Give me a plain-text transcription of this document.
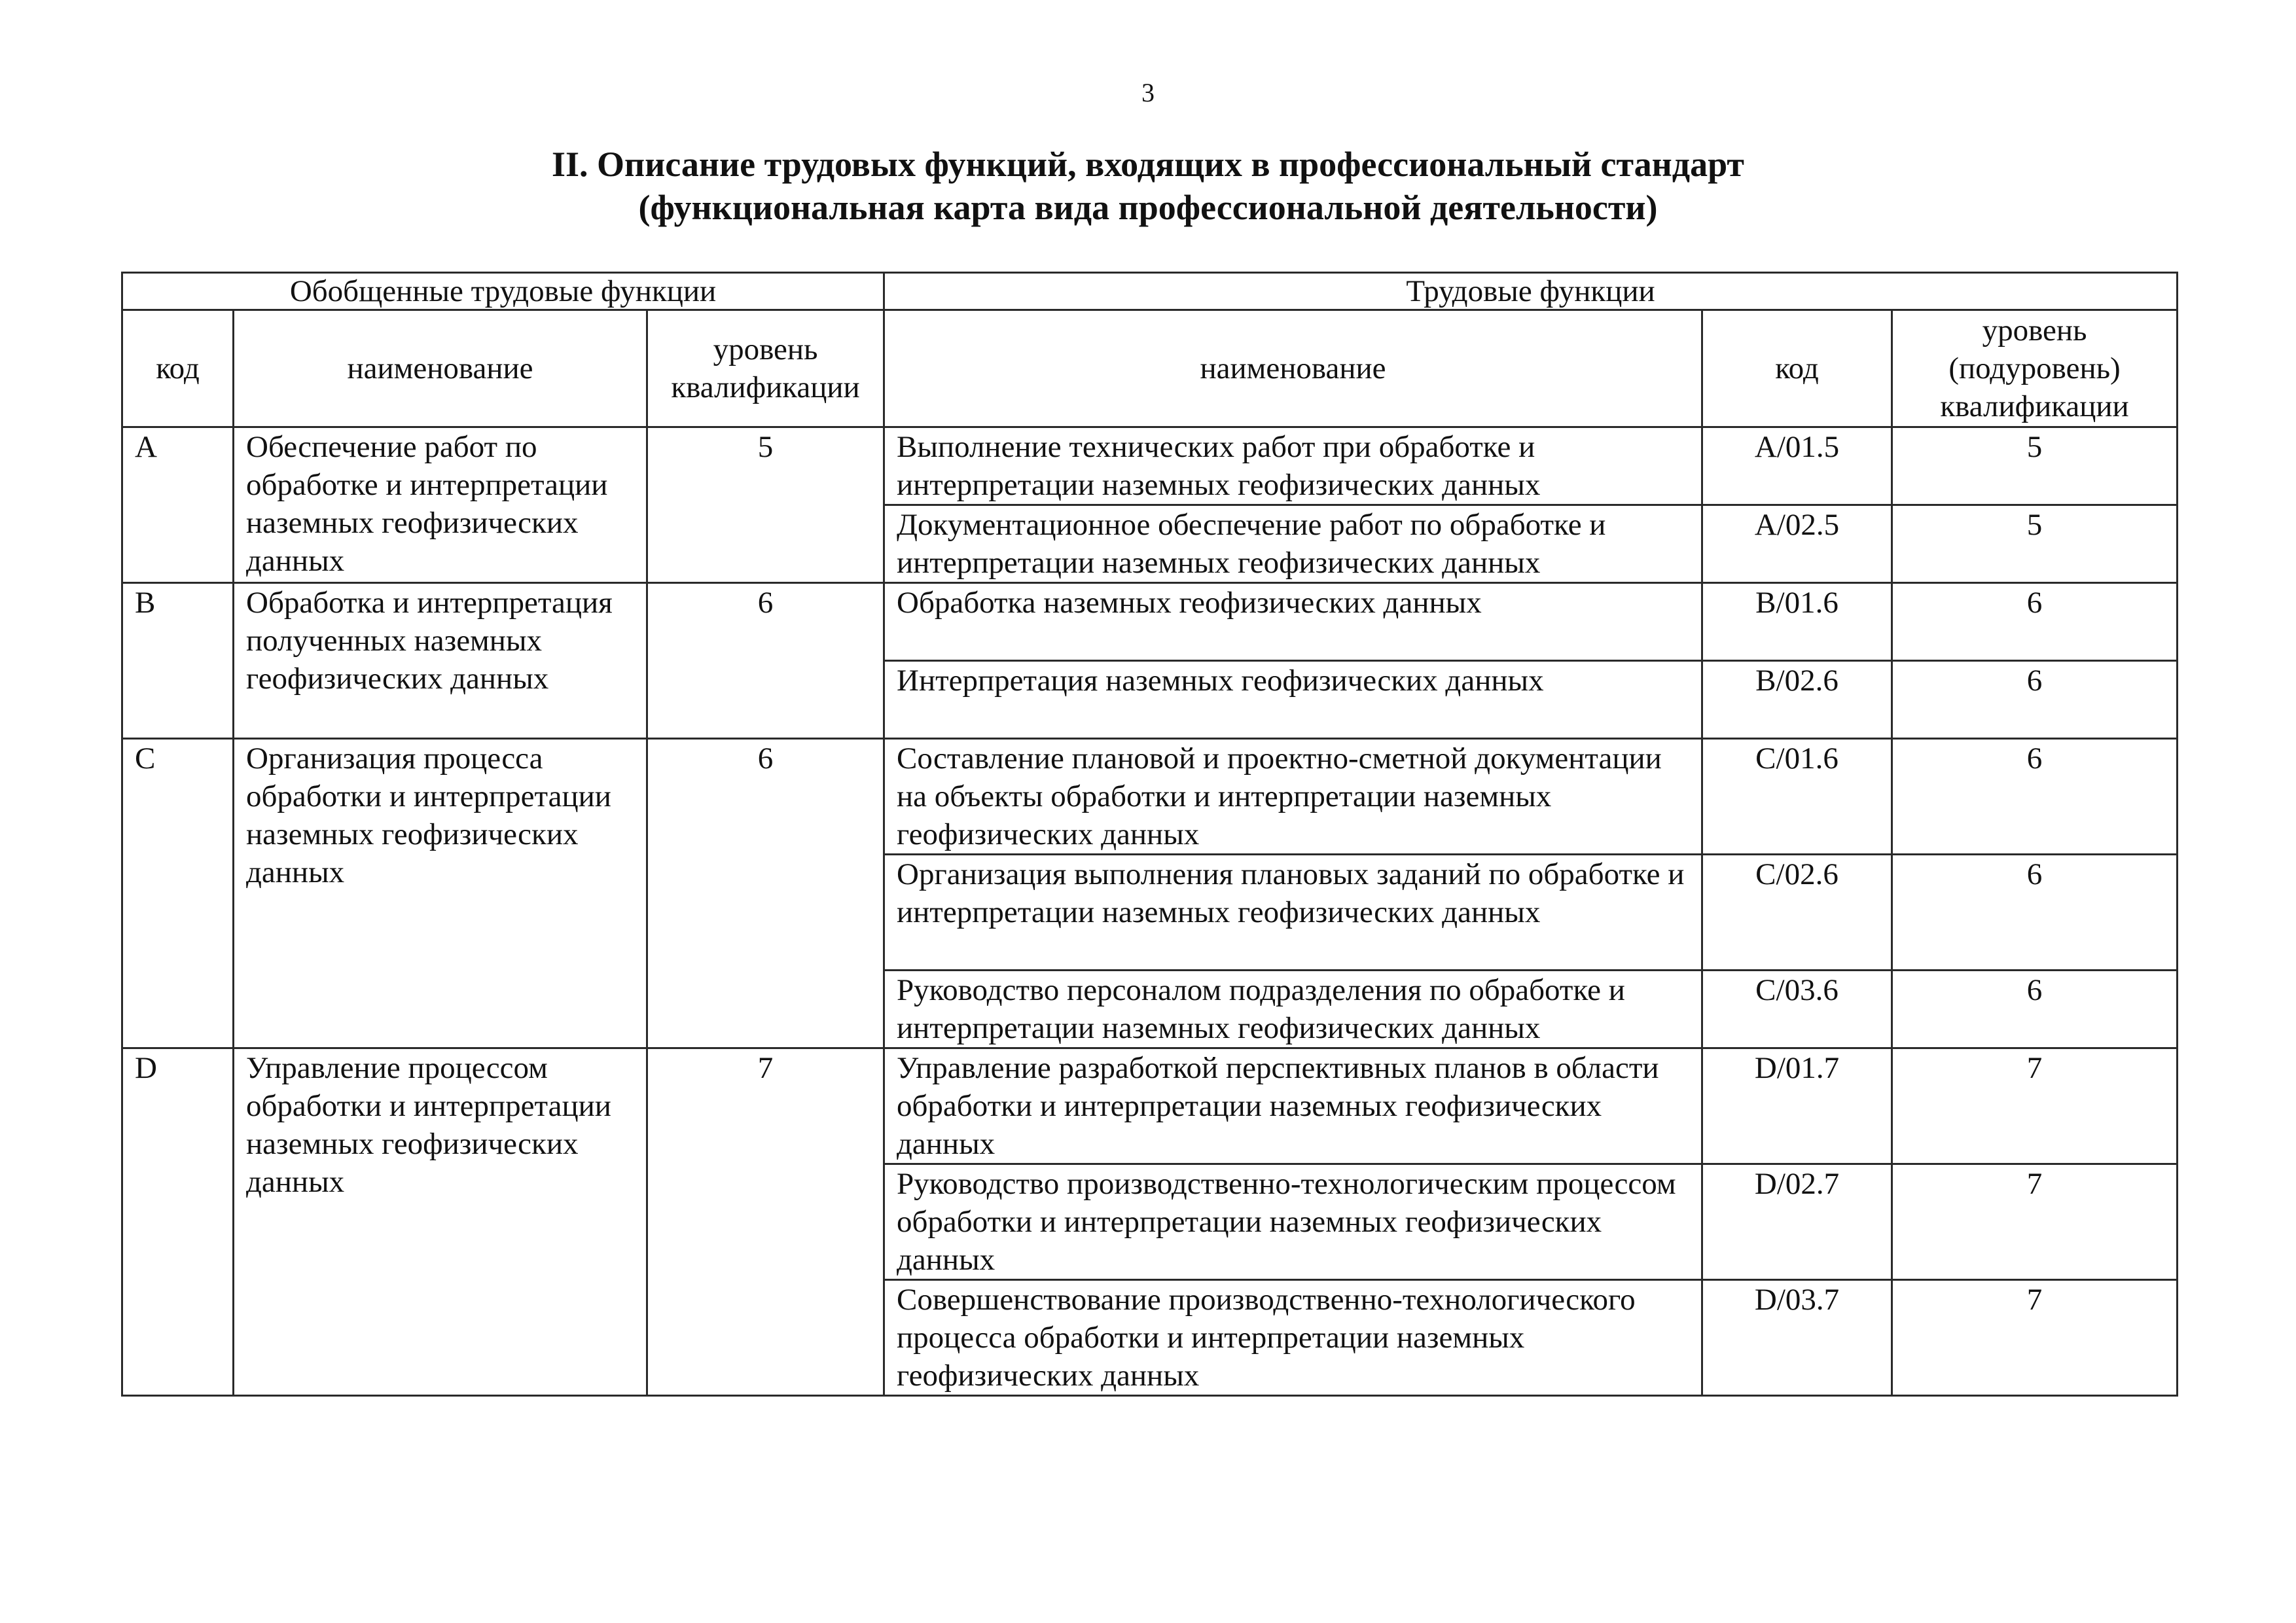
3
II. Описание трудовых функций, входящих в профессиональный стандарт
(функциональная карта вида профессиональной деятельности)
Обобщенные трудовые функции			Трудовые функции		
код	наименование	уровень квалификации	наименование	код	уровень (подуровень) квалификации
A	Обеспечение работ по обработке и интерпретации наземных геофизических данных	5	Выполнение технических работ при обработке и интерпретации наземных геофизических данных	A/01.5	5
			Документационное обеспечение работ по обработке и интерпретации наземных геофизических данных	A/02.5	5
B	Обработка и интерпретация полученных наземных геофизических данных	6	Обработка наземных геофизических данных	B/01.6	6
			Интерпретация наземных геофизических данных	B/02.6	6
C	Организация процесса обработки и интерпретации наземных геофизических данных	6	Составление плановой и проектно-сметной документации на объекты обработки и интерпретации наземных геофизических данных	C/01.6	6
			Организация выполнения плановых заданий по обработке и интерпретации наземных геофизических данных	C/02.6	6
			Руководство персоналом подразделения по обработке и интерпретации наземных геофизических данных	C/03.6	6
D	Управление процессом обработки и интерпретации наземных геофизических данных	7	Управление разработкой перспективных планов в области обработки и интерпретации наземных геофизических данных	D/01.7	7
			Руководство производственно-технологическим процессом обработки и интерпретации наземных геофизических данных	D/02.7	7
			Совершенствование производственно-технологического процесса обработки и интерпретации наземных геофизических данных	D/03.7	7
